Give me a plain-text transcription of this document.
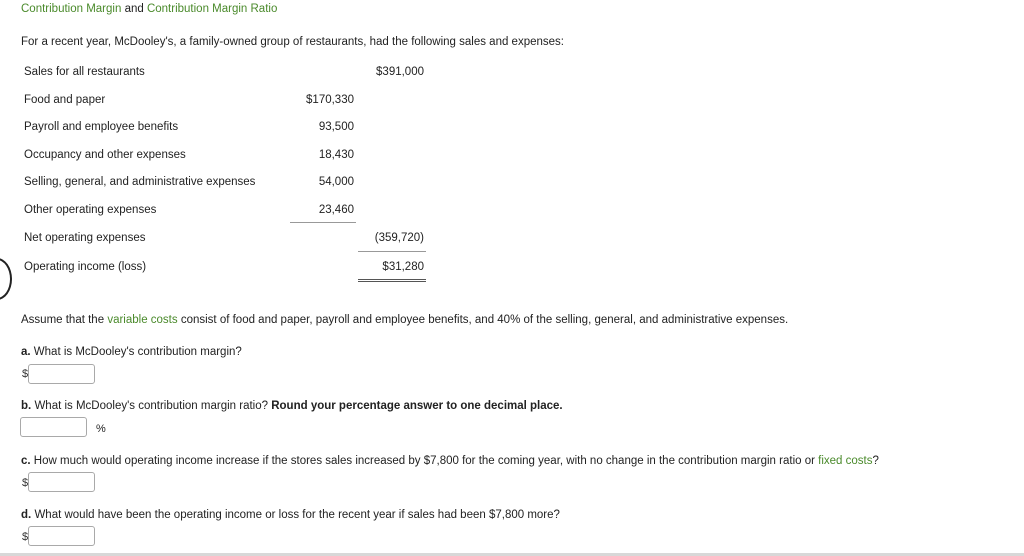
Contribution Margin and Contribution Margin Ratio
For a recent year, McDooley's, a family-owned group of restaurants, had the following sales and expenses:
Sales for all restaurants	$391,000
Food and paper	$170,330
Payroll and employee benefits	93,500
Occupancy and other expenses	18,430
Selling, general, and administrative expenses	54,000
Other operating expenses	23,460
Net operating expenses	(359,720)
Operating income (loss)	$31,280
Assume that the variable costs consist of food and paper, payroll and employee benefits, and 40% of the selling, general, and administrative expenses.
a. What is McDooley's contribution margin?
$
b. What is McDooley's contribution margin ratio? Round your percentage answer to one decimal place.
%
c. How much would operating income increase if the stores sales increased by $7,800 for the coming year, with no change in the contribution margin ratio or fixed costs?
$
d. What would have been the operating income or loss for the recent year if sales had been $7,800 more?
$
